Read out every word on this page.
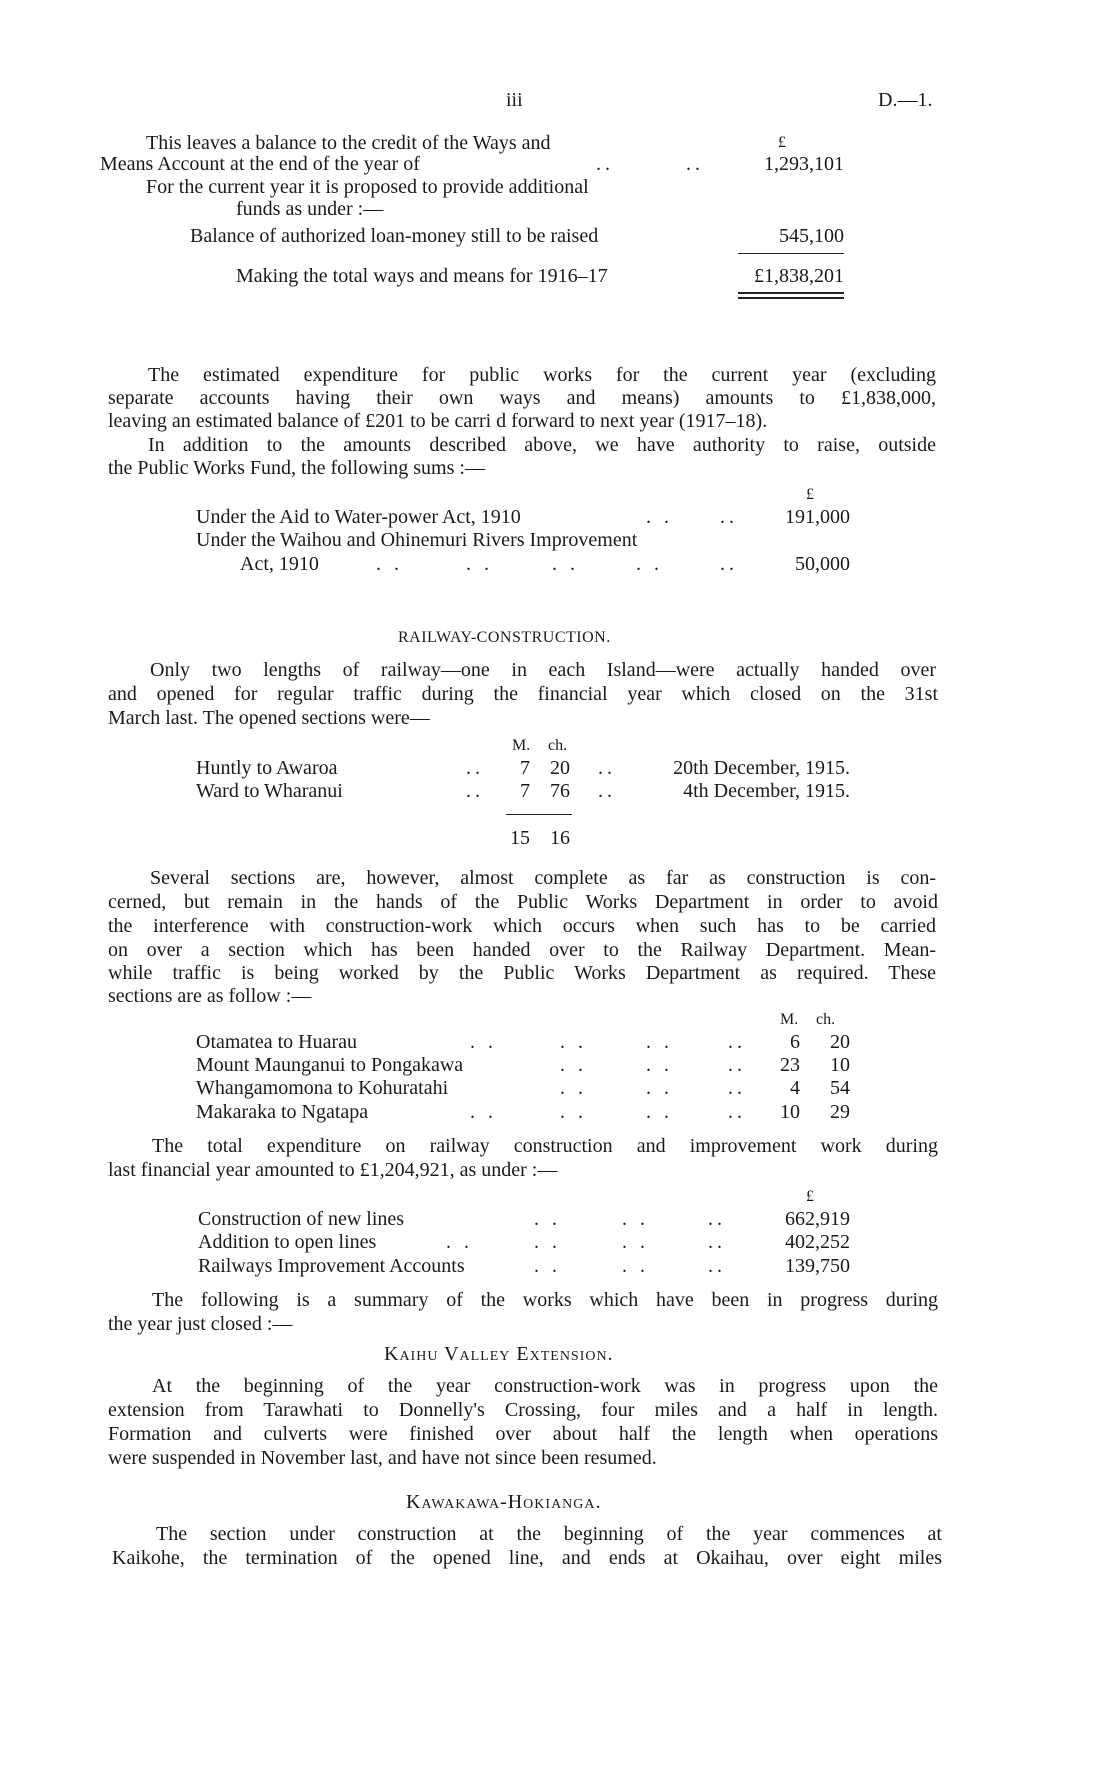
iii	D.—1.
This leaves a balance to the credit of the Ways and	£
Means Account at the end of the year of	..	..	1,293,101
For the current year it is proposed to provide additional
funds as under :—
Balance of authorized loan-money still to be raised	545,100
Making the total ways and means for 1916–17	£1,838,201
The estimated expenditure for public works for the current year (excluding
separate accounts having their own ways and means) amounts to £1,838,000,
leaving an estimated balance of £201 to be carri d forward to next year (1917–18).
In addition to the amounts described above, we have authority to raise, outside
the Public Works Fund, the following sums :—
£
Under the Aid to Water-power Act, 1910	. . ..	191,000
Under the Waihou and Ohinemuri Rivers Improvement
Act, 1910	. .	. .	. .	. .	..	50,000
RAILWAY-CONSTRUCTION.
Only two lengths of railway—one in each Island—were actually handed over
and opened for regular traffic during the financial year which closed on the 31st
March last. The opened sections were—
M. ch.
Huntly to Awaroa	..	7	20 ..	20th December, 1915.
Ward to Wharanui	..	7	76 ..	4th December, 1915.
15	16
Several sections are, however, almost complete as far as construction is con-
cerned, but remain in the hands of the Public Works Department in order to avoid
the interference with construction-work which occurs when such has to be carried
on over a section which has been handed over to the Railway Department. Mean-
while traffic is being worked by the Public Works Department as required. These
sections are as follow :—
M. ch.
Otamatea to Huarau	. .	. .	. .	..	6	20
Mount Maunganui to Pongakawa	. .	. .	..	23	10
Whangamomona to Kohuratahi	. .	. .	..	4	54
Makaraka to Ngatapa	. .	. .	. .	..	10	29
The total expenditure on railway construction and improvement work during
last financial year amounted to £1,204,921, as under :—
£
Construction of new lines	. .	. .	..	662,919
Addition to open lines	. .	. .	. .	..	402,252
Railways Improvement Accounts	. .	. .	..	139,750
The following is a summary of the works which have been in progress during
the year just closed :—
Kaihu Valley Extension.
At the beginning of the year construction-work was in progress upon the
extension from Tarawhati to Donnelly's Crossing, four miles and a half in length.
Formation and culverts were finished over about half the length when operations
were suspended in November last, and have not since been resumed.
Kawakawa-Hokianga.
The section under construction at the beginning of the year commences at
Kaikohe, the termination of the opened line, and ends at Okaihau, over eight miles
